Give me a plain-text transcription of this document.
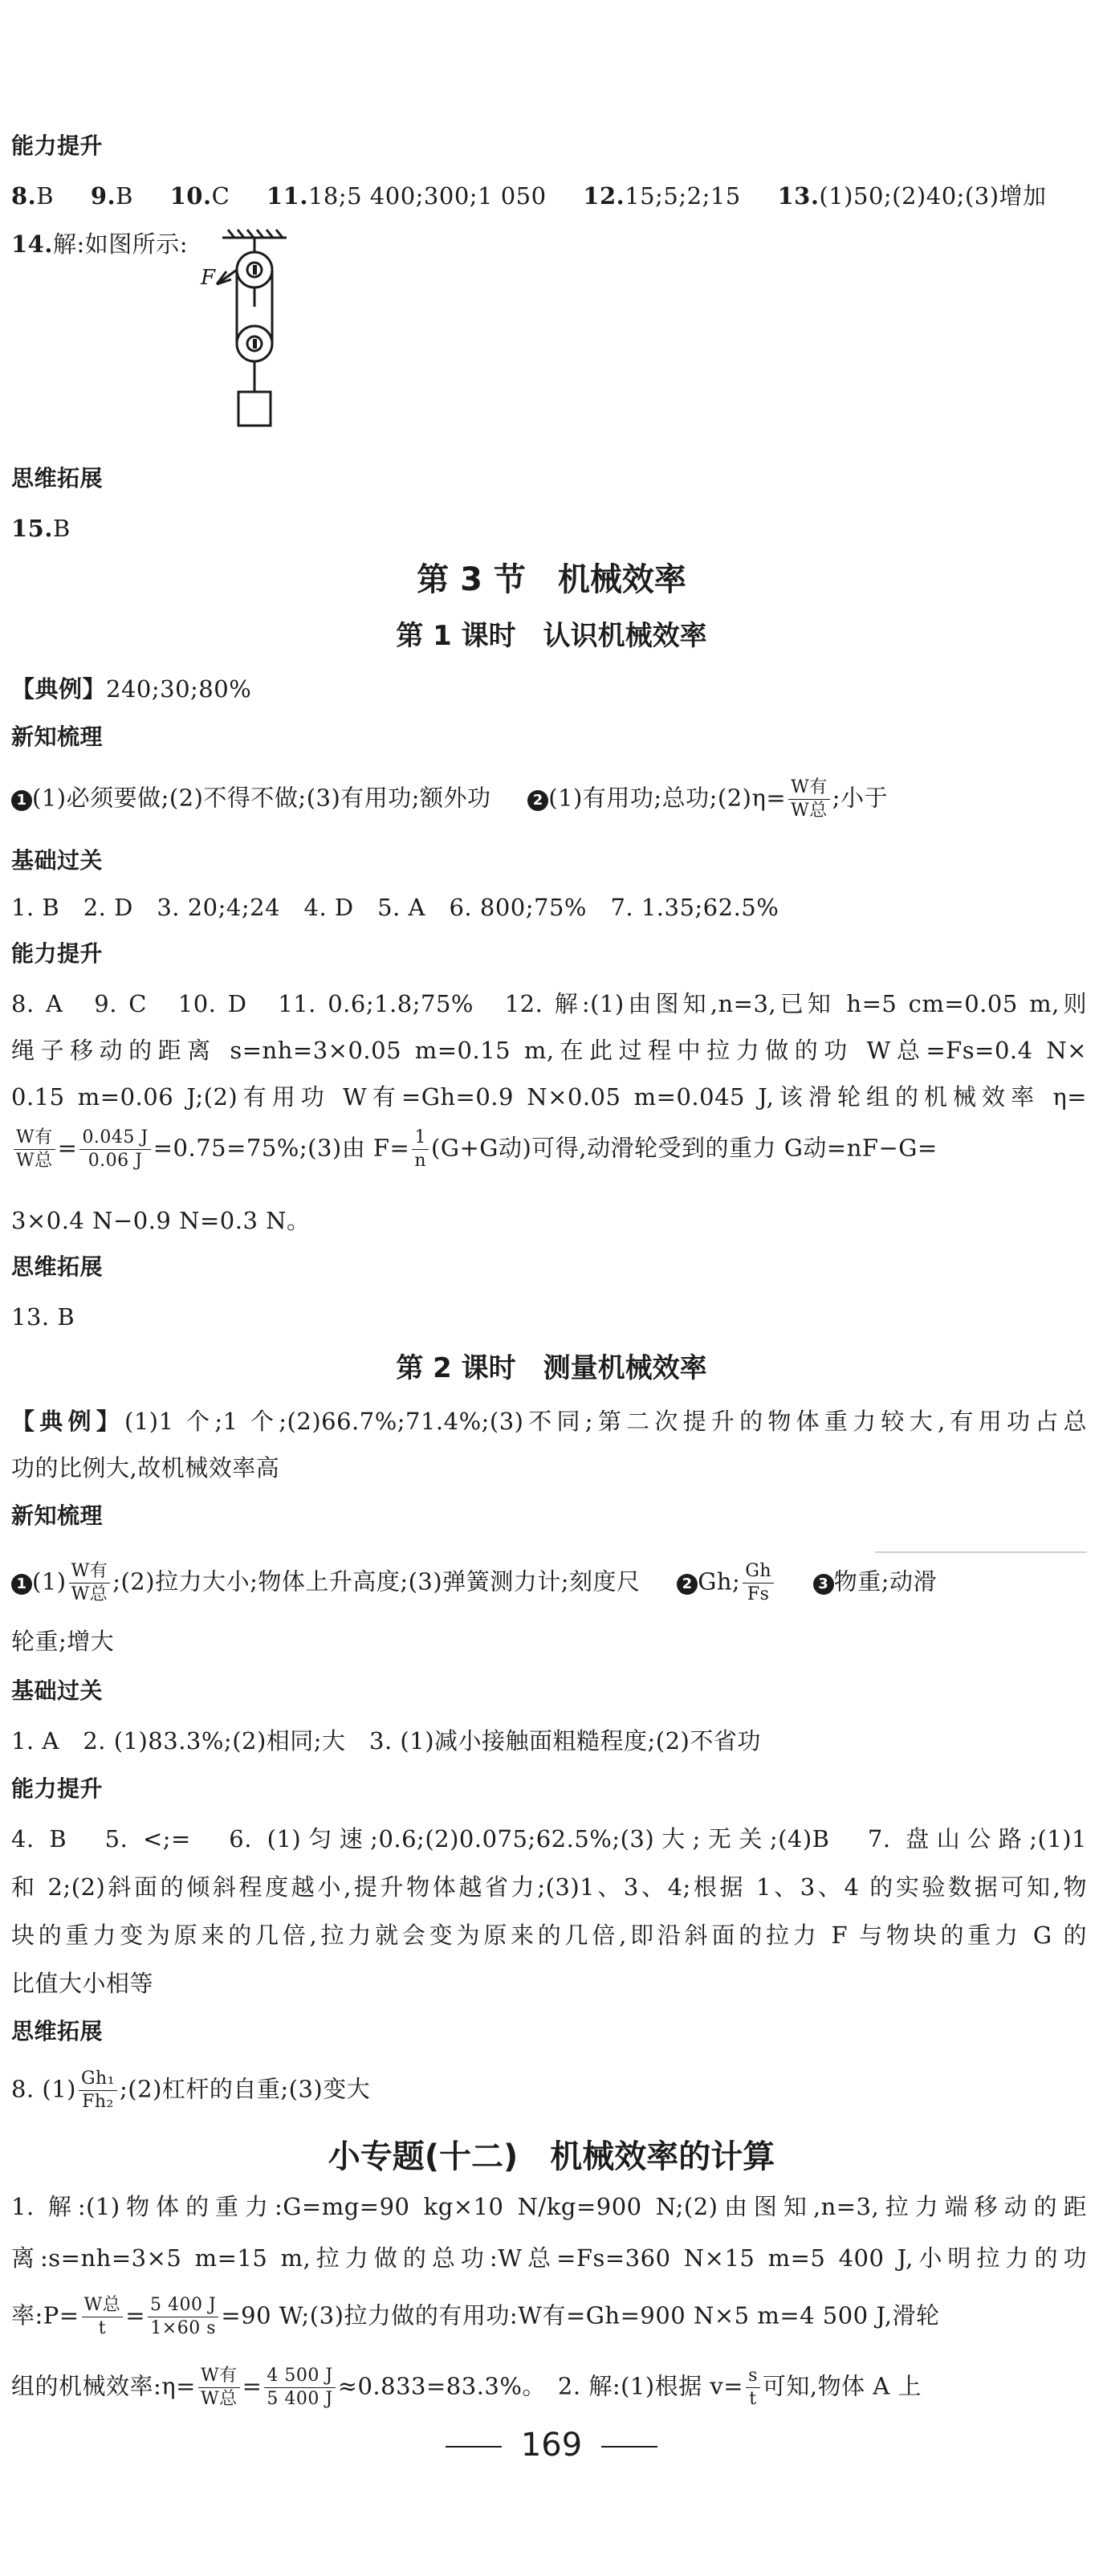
能力提升
8.B 9.B 10.C 11.18;5 400;300;1 050 12.15;5;2;15 13.(1)50;(2)40;(3)增加
14.解:如图所示:
F
思维拓展
15.B
第 3 节　机械效率
第 1 课时　认识机械效率
【典例】240;30;80%
新知梳理
1 (1)必须要做;(2)不得不做;(3)有用功;额外功	2 (1)有用功;总功;(2)η= $\frac{\text{W有}}{\text{W总}}$ ;小于
基础过关
1. B　2. D　3. 20;4;24　4. D　5. A　6. 800;75%　7. 1.35;62.5%
能力提升
8. A　9. C　10. D　11. 0.6;1.8;75%　12. 解:(1)由图知,n=3,已知 h=5 cm=0.05 m,则
绳子移动的距离 s=nh=3×0.05 m=0.15 m,在此过程中拉力做的功 W总=Fs=0.4 N×
0.15 m=0.06 J;(2)有用功 W有=Gh=0.9 N×0.05 m=0.045 J,该滑轮组的机械效率 η=
$\frac{\text{W有}}{\text{W总}} = \frac{0.045 J}{0.06 J}$ =0.75=75%;(3)由 $F= \frac{1}{n} (G+G$动)可得,动滑轮受到的重力 G动=nF−G=
3×0.4 N−0.9 N=0.3 N。
思维拓展
13. B
第 2 课时　测量机械效率
【典例】(1)1 个;1 个;(2)66.7%;71.4%;(3)不同;第二次提升的物体重力较大,有用功占总
功的比例大,故机械效率高
新知梳理
1 $(1) \frac{\text{W有}}{\text{W总}}$ ;(2)拉力大小;物体上升高度;(3)弹簧测力计;刻度尺	2 Gh; $\frac{Gh}{Fs}$	3 物重;动滑
轮重;增大
基础过关
1. A　2. (1)83.3%;(2)相同;大　3. (1)减小接触面粗糙程度;(2)不省功
能力提升
4. B　5. <;=　6. (1)匀速;0.6;(2)0.075;62.5%;(3)大;无关;(4)B　7. 盘山公路;(1)1
和 2;(2)斜面的倾斜程度越小,提升物体越省力;(3)1、3、4;根据 1、3、4 的实验数据可知,物
块的重力变为原来的几倍,拉力就会变为原来的几倍,即沿斜面的拉力 F 与物块的重力 G 的
比值大小相等
思维拓展
8. $(1) \frac{\text{Gh₁}}{\text{Fh₂}}$ ;(2)杠杆的自重;(3)变大
小专题(十二)　机械效率的计算
1. 解:(1)物体的重力:G=mg=90 kg×10 N/kg=900 N;(2)由图知,n=3,拉力端移动的距
离:s=nh=3×5 m=15 m,拉力做的总功:W总=Fs=360 N×15 m=5 400 J,小明拉力的功
率:P= $\frac{\text{W总}}{t} = \frac{5 400 J}{1\times 60 s} =90$ W;(3)拉力做的有用功:W有=Gh=900 N×5 m=4 500 J,滑轮
组的机械效率:η= $\frac{\text{W有}}{\text{W总}} = \frac{4 500 J}{5 400 J} \approx 0.833=83.3\%$。　2. 解:(1)根据 $v= \frac{s}{t}$ 可知,物体 A 上
169
